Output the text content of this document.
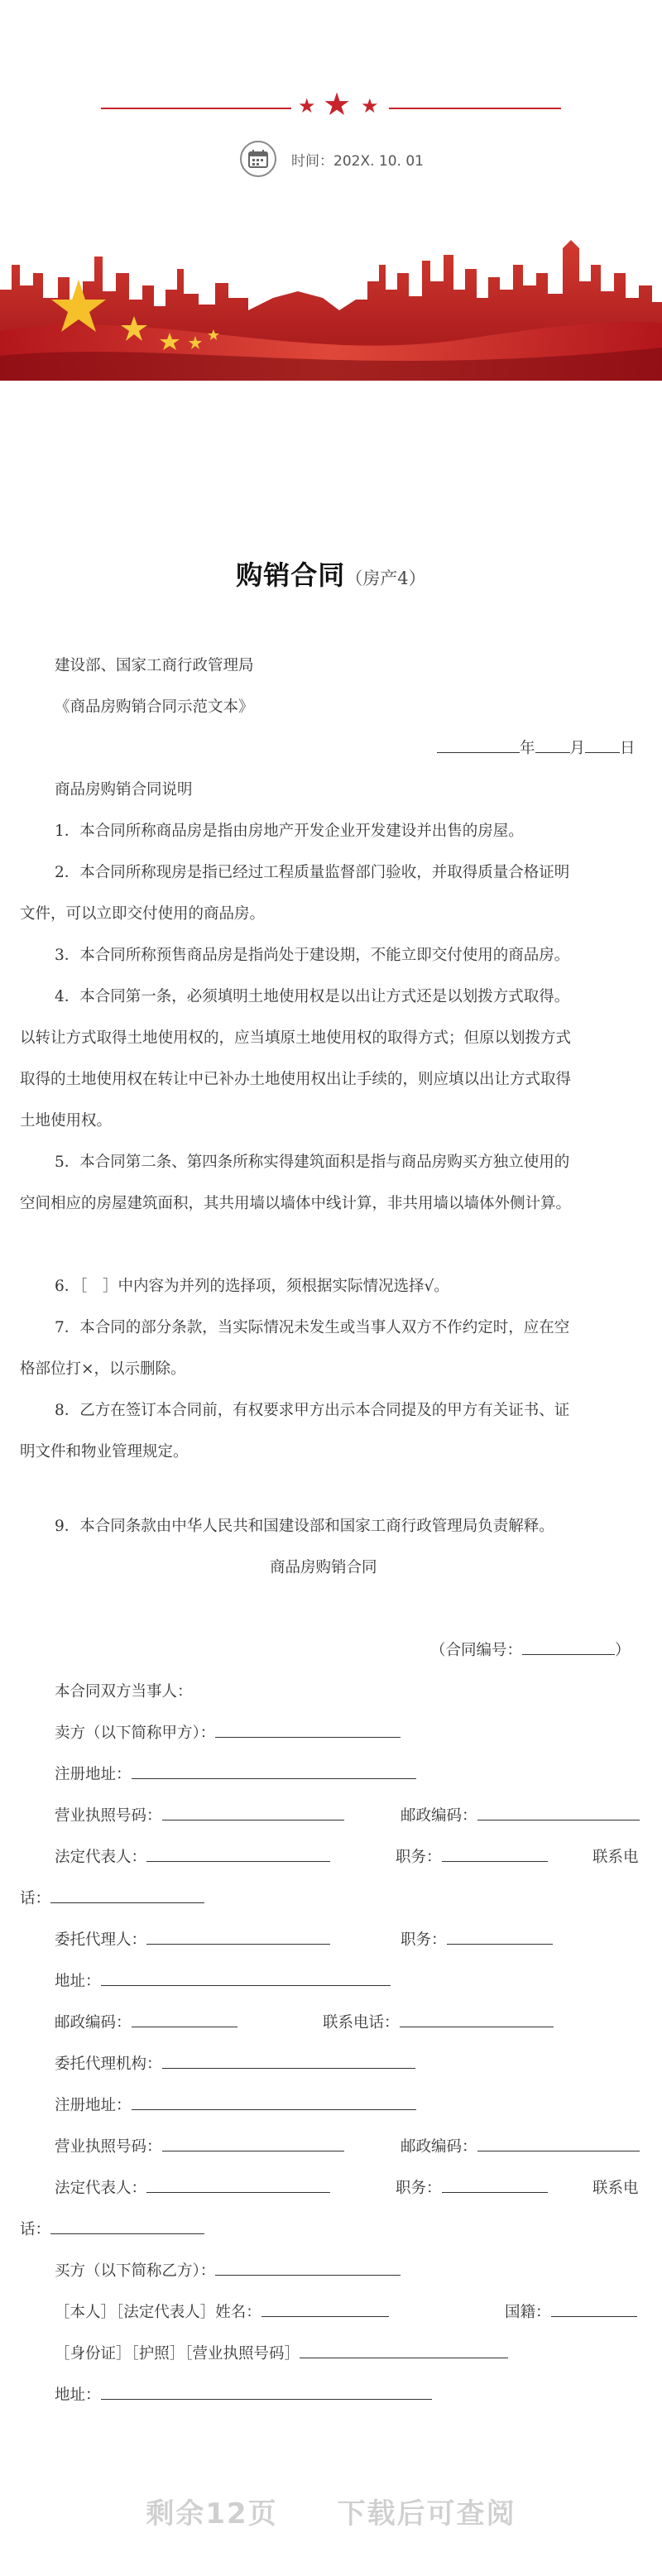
★ ★ ★
时间：202X. 10. 01
购销合同（房产4）
建设部、国家工商行政管理局
《商品房购销合同示范文本》
年 月 日
商品房购销合同说明
1．本合同所称商品房是指由房地产开发企业开发建设并出售的房屋。
2．本合同所称现房是指已经过工程质量监督部门验收，并取得质量合格证明
文件，可以立即交付使用的商品房。
3．本合同所称预售商品房是指尚处于建设期，不能立即交付使用的商品房。
4．本合同第一条，必须填明土地使用权是以出让方式还是以划拨方式取得。
以转让方式取得土地使用权的，应当填原土地使用权的取得方式；但原以划拨方式
取得的土地使用权在转让中已补办土地使用权出让手续的，则应填以出让方式取得
土地使用权。
5．本合同第二条、第四条所称实得建筑面积是指与商品房购买方独立使用的
空间相应的房屋建筑面积，其共用墙以墙体中线计算，非共用墙以墙体外侧计算。
6．［　］中内容为并列的选择项，须根据实际情况选择√。
7．本合同的部分条款，当实际情况未发生或当事人双方不作约定时，应在空
格部位打×，以示删除。
8．乙方在签订本合同前，有权要求甲方出示本合同提及的甲方有关证书、证
明文件和物业管理规定。
9．本合同条款由中华人民共和国建设部和国家工商行政管理局负责解释。
商品房购销合同
（合同编号：	）
本合同双方当事人：
卖方（以下简称甲方）：
注册地址：
营业执照号码：	邮政编码：
法定代表人：	职务：	联系电
话：
委托代理人：	职务：
地址：
邮政编码：	联系电话：
委托代理机构：
注册地址：
营业执照号码：	邮政编码：
法定代表人：	职务：	联系电
话：
买方（以下简称乙方）：
［本人］［法定代表人］姓名：	国籍：
［身份证］［护照］［营业执照号码］
地址：
剩余12页　　下载后可查阅
